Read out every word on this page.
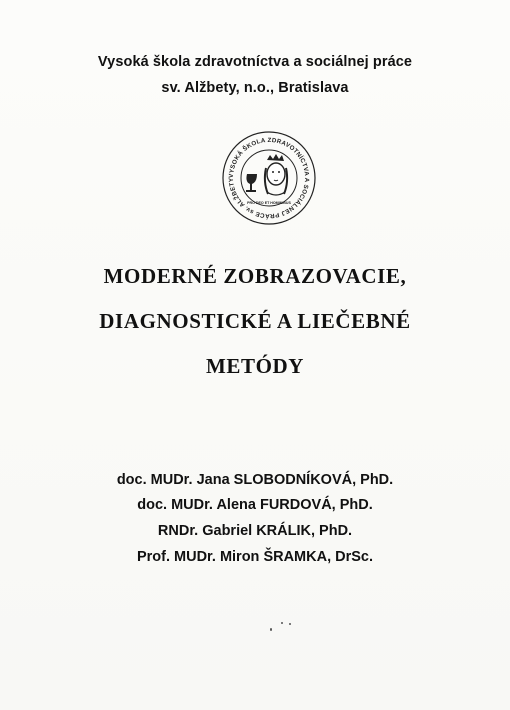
Vysoká škola zdravotníctva a sociálnej práce
sv. Alžbety, n.o., Bratislava
VYSOKÁ ŠKOLA ZDRAVOTNÍCTVA A SOCIÁLNEJ PRÁCE sv. ALŽBETY
PRO DEO ET HOMINIBUS
MODERNÉ ZOBRAZOVACIE,
DIAGNOSTICKÉ A LIEČEBNÉ
METÓDY
doc. MUDr. Jana SLOBODNÍKOVÁ, PhD.
doc. MUDr. Alena FURDOVÁ, PhD.
RNDr. Gabriel KRÁLIK, PhD.
Prof. MUDr. Miron ŠRAMKA, DrSc.
